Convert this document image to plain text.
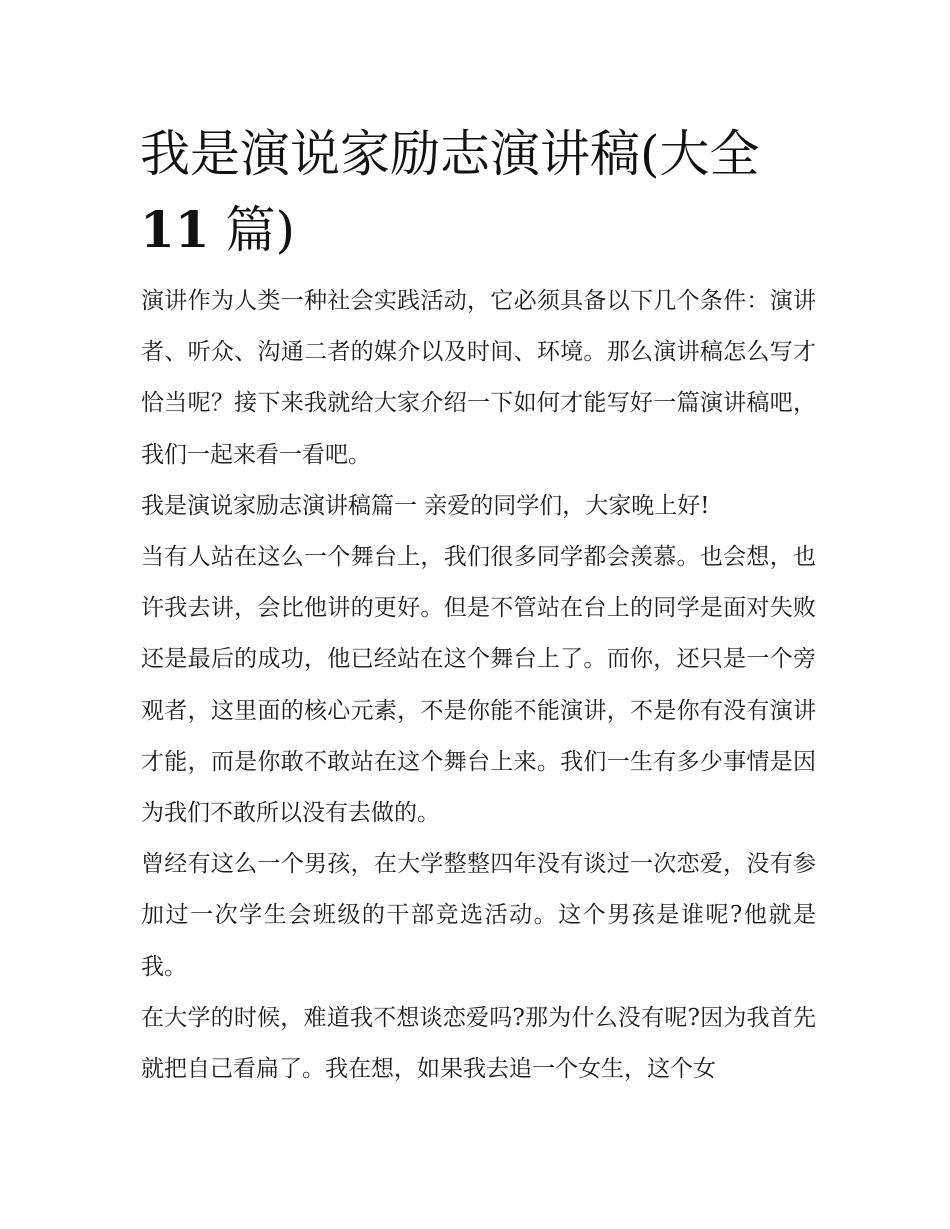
我是演说家励志演讲稿(大全
11 篇)

演讲作为人类一种社会实践活动，它必须具备以下几个条件：演讲者、听众、沟通二者的媒介以及时间、环境。那么演讲稿怎么写才恰当呢？接下来我就给大家介绍一下如何才能写好一篇演讲稿吧，我们一起来看一看吧。

我是演说家励志演讲稿篇一 亲爱的同学们，大家晚上好!

当有人站在这么一个舞台上，我们很多同学都会羡慕。也会想，也许我去讲，会比他讲的更好。但是不管站在台上的同学是面对失败还是最后的成功，他已经站在这个舞台上了。而你，还只是一个旁观者，这里面的核心元素，不是你能不能演讲，不是你有没有演讲才能，而是你敢不敢站在这个舞台上来。我们一生有多少事情是因为我们不敢所以没有去做的。

曾经有这么一个男孩，在大学整整四年没有谈过一次恋爱，没有参加过一次学生会班级的干部竞选活动。这个男孩是谁呢?他就是我。

在大学的时候，难道我不想谈恋爱吗?那为什么没有呢?因为我首先就把自己看扁了。我在想，如果我去追一个女生，这个女
